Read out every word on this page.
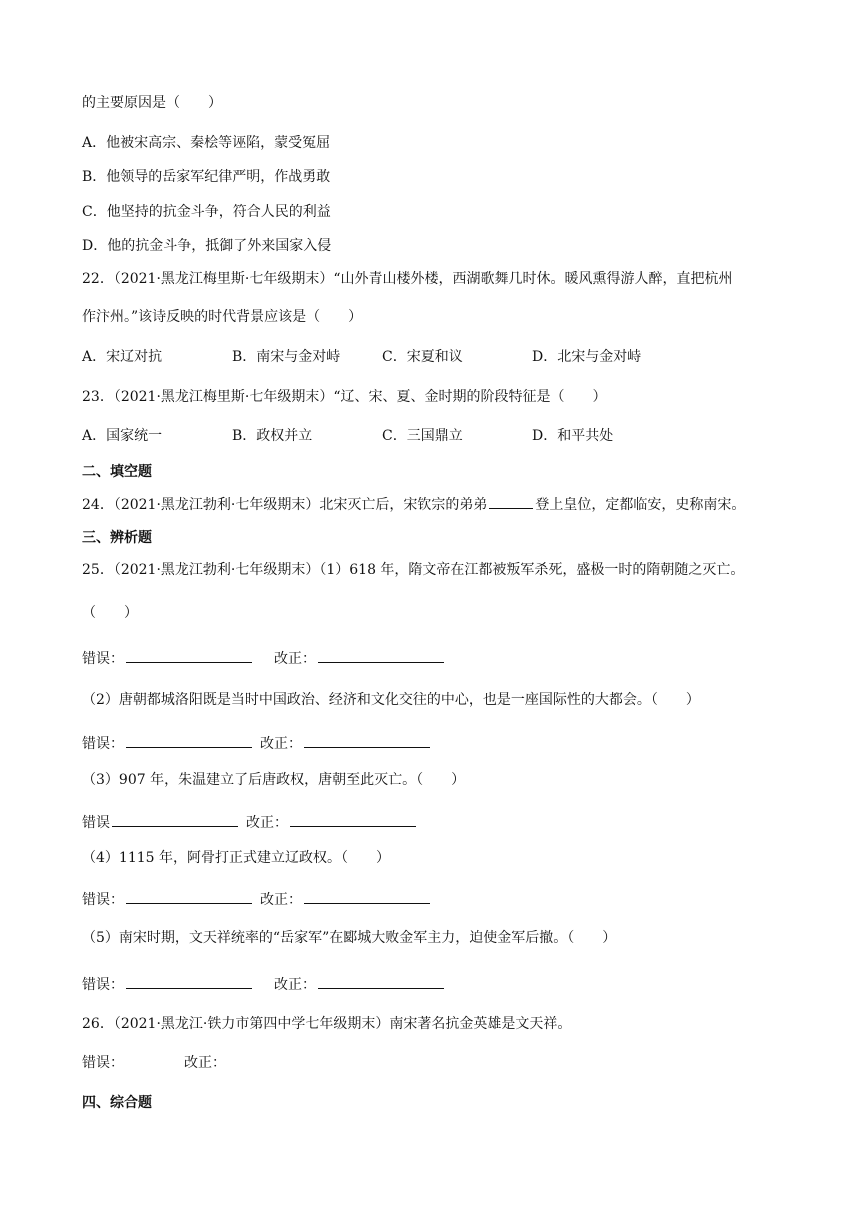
的主要原因是（　　）
A．他被宋高宗、秦桧等诬陷，蒙受冤屈
B．他领导的岳家军纪律严明，作战勇敢
C．他坚持的抗金斗争，符合人民的利益
D．他的抗金斗争，抵御了外来国家入侵
22．（2021·黑龙江梅里斯·七年级期末）“山外青山楼外楼，西湖歌舞几时休。暖风熏得游人醉，直把杭州
作汴州。”该诗反映的时代背景应该是（　　）
A．宋辽对抗	B．南宋与金对峙	C．宋夏和议	D．北宋与金对峙
23．（2021·黑龙江梅里斯·七年级期末）“辽、宋、夏、金时期的阶段特征是（　　）
A．国家统一	B．政权并立	C．三国鼎立	D．和平共处
二、填空题
24．（2021·黑龙江勃利·七年级期末）北宋灭亡后，宋钦宗的弟弟	登上皇位，定都临安，史称南宋。
三、辨析题
25．（2021·黑龙江勃利·七年级期末）（1）618 年，隋文帝在江都被叛军杀死，盛极一时的隋朝随之灭亡。
（　　）
错误：	改正：
（2）唐朝都城洛阳既是当时中国政治、经济和文化交往的中心，也是一座国际性的大都会。（　　）
错误：	改正：
（3）907 年，朱温建立了后唐政权，唐朝至此灭亡。（　　）
错误	改正：
（4）1115 年，阿骨打正式建立辽政权。（　　）
错误：	改正：
（5）南宋时期，文天祥统率的“岳家军”在郾城大败金军主力，迫使金军后撤。（　　）
错误：	改正：
26．（2021·黑龙江·铁力市第四中学七年级期末）南宋著名抗金英雄是文天祥。
错误：	改正：
四、综合题
